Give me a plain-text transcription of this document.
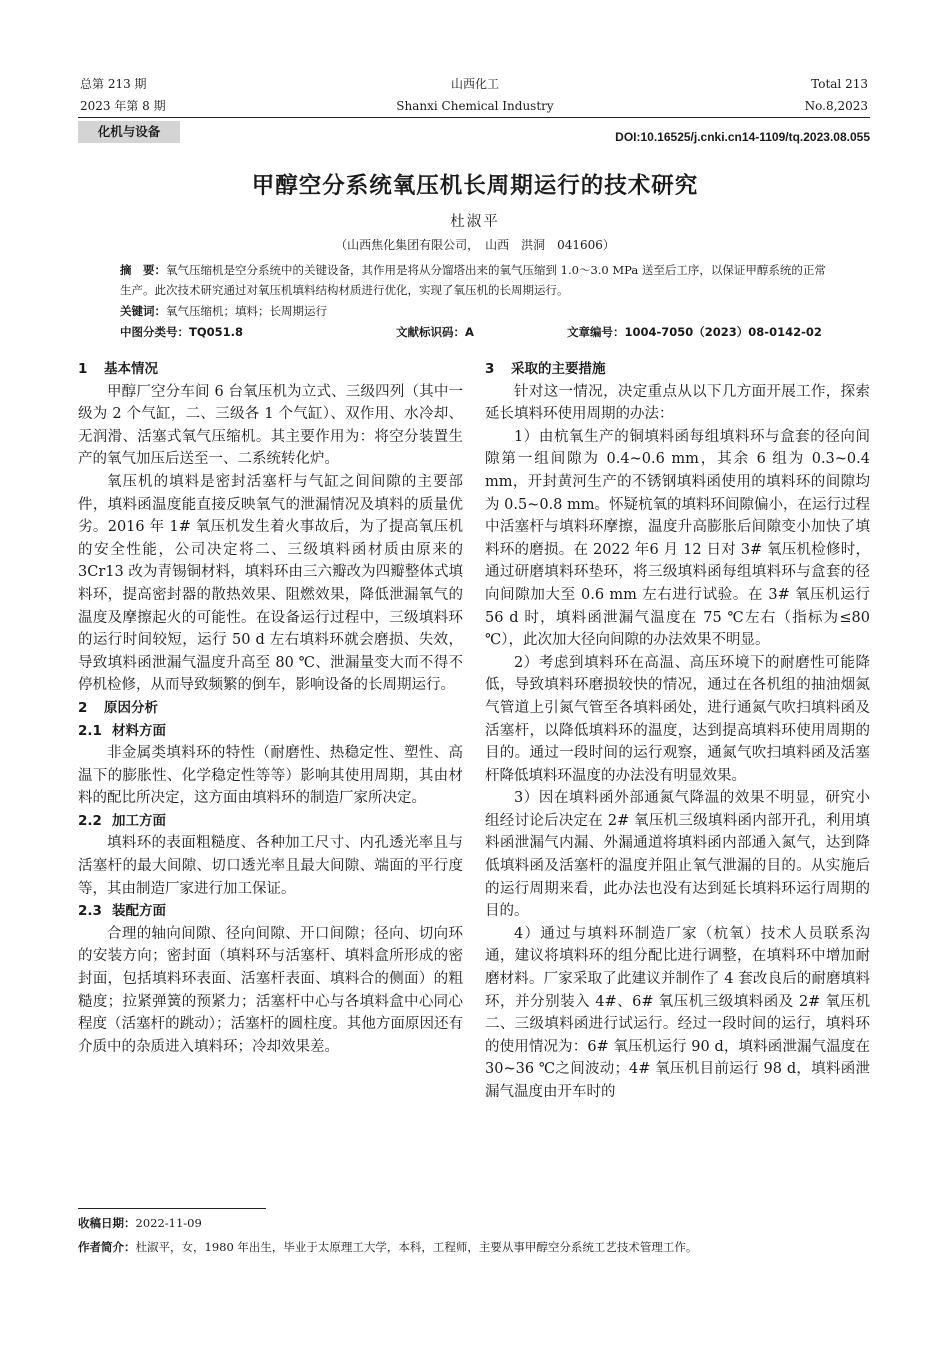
总第 213 期
2023 年第 8 期
山西化工
Shanxi Chemical Industry
Total 213
No.8,2023
化机与设备	DOI:10.16525/j.cnki.cn14-1109/tq.2023.08.055
甲醇空分系统氧压机长周期运行的技术研究
杜淑平
（山西焦化集团有限公司，　山西　洪洞　041606）
摘　要：氧气压缩机是空分系统中的关键设备，其作用是将从分馏塔出来的氧气压缩到 1.0～3.0 MPa 送至后工序，以保证甲醇系统的正常生产。此次技术研究通过对氧压机填料结构材质进行优化，实现了氧压机的长周期运行。
关键词：氧气压缩机；填料；长周期运行
中图分类号：TQ051.8	文献标识码：A	文章编号：1004-7050（2023）08-0142-02
1 基本情况

甲醇厂空分车间 6 台氧压机为立式、三级四列（其中一级为 2 个气缸，二、三级各 1 个气缸）、双作用、水冷却、无润滑、活塞式氧气压缩机。其主要作用为：将空分装置生产的氧气加压后送至一、二系统转化炉。

氧压机的填料是密封活塞杆与气缸之间间隙的主要部件，填料函温度能直接反映氧气的泄漏情况及填料的质量优劣。2016 年 1# 氧压机发生着火事故后，为了提高氧压机的安全性能，公司决定将二、三级填料函材质由原来的 3Cr13 改为青锡铜材料，填料环由三六瓣改为四瓣整体式填料环，提高密封器的散热效果、阻燃效果，降低泄漏氧气的温度及摩擦起火的可能性。在设备运行过程中，三级填料环的运行时间较短，运行 50 d 左右填料环就会磨损、失效，导致填料函泄漏气温度升高至 80 ℃、泄漏量变大而不得不停机检修，从而导致频繁的倒车，影响设备的长周期运行。

2 原因分析
2.1 材料方面

非金属类填料环的特性（耐磨性、热稳定性、塑性、高温下的膨胀性、化学稳定性等等）影响其使用周期，其由材料的配比所决定，这方面由填料环的制造厂家所决定。

2.2 加工方面

填料环的表面粗糙度、各种加工尺寸、内孔透光率且与活塞杆的最大间隙、切口透光率且最大间隙、端面的平行度等，其由制造厂家进行加工保证。

2.3 装配方面

合理的轴向间隙、径向间隙、开口间隙；径向、切向环的安装方向；密封面（填料环与活塞杆、填料盒所形成的密封面，包括填料环表面、活塞杆表面、填料合的侧面）的粗糙度；拉紧弹簧的预紧力；活塞杆中心与各填料盒中心同心程度（活塞杆的跳动）；活塞杆的圆柱度。其他方面原因还有介质中的杂质进入填料环；冷却效果差。

3 采取的主要措施

针对这一情况，决定重点从以下几方面开展工作，探索延长填料环使用周期的办法：

1）由杭氧生产的铜填料函每组填料环与盒套的径向间隙第一组间隙为 0.4~0.6 mm，其余 6 组为 0.3~0.4 mm，开封黄河生产的不锈钢填料函使用的填料环的间隙均为 0.5~0.8 mm。怀疑杭氧的填料环间隙偏小，在运行过程中活塞杆与填料环摩擦，温度升高膨胀后间隙变小加快了填料环的磨损。在 2022 年6 月 12 日对 3# 氧压机检修时，通过研磨填料环垫环，将三级填料函每组填料环与盒套的径向间隙加大至 0.6 mm 左右进行试验。在 3# 氧压机运行 56 d 时，填料函泄漏气温度在 75 ℃左右（指标为≤80 ℃），此次加大径向间隙的办法效果不明显。

2）考虑到填料环在高温、高压环境下的耐磨性可能降低，导致填料环磨损较快的情况，通过在各机组的抽油烟氮气管道上引氮气管至各填料函处，进行通氮气吹扫填料函及活塞杆，以降低填料环的温度，达到提高填料环使用周期的目的。通过一段时间的运行观察，通氮气吹扫填料函及活塞杆降低填料环温度的办法没有明显效果。

3）因在填料函外部通氮气降温的效果不明显，研究小组经讨论后决定在 2# 氧压机三级填料函内部开孔，利用填料函泄漏气内漏、外漏通道将填料函内部通入氮气，达到降低填料函及活塞杆的温度并阻止氧气泄漏的目的。从实施后的运行周期来看，此办法也没有达到延长填料环运行周期的目的。

4）通过与填料环制造厂家（杭氧）技术人员联系沟通，建议将填料环的组分配比进行调整，在填料环中增加耐磨材料。厂家采取了此建议并制作了 4 套改良后的耐磨填料环，并分别装入 4#、6# 氧压机三级填料函及 2# 氧压机二、三级填料函进行试运行。经过一段时间的运行，填料环的使用情况为：6# 氧压机运行 90 d，填料函泄漏气温度在 30~36 ℃之间波动；4# 氧压机目前运行 98 d，填料函泄漏气温度由开车时的

收稿日期：2022-11-09
作者简介：杜淑平，女，1980 年出生，毕业于太原理工大学，本科，工程师，主要从事甲醇空分系统工艺技术管理工作。
